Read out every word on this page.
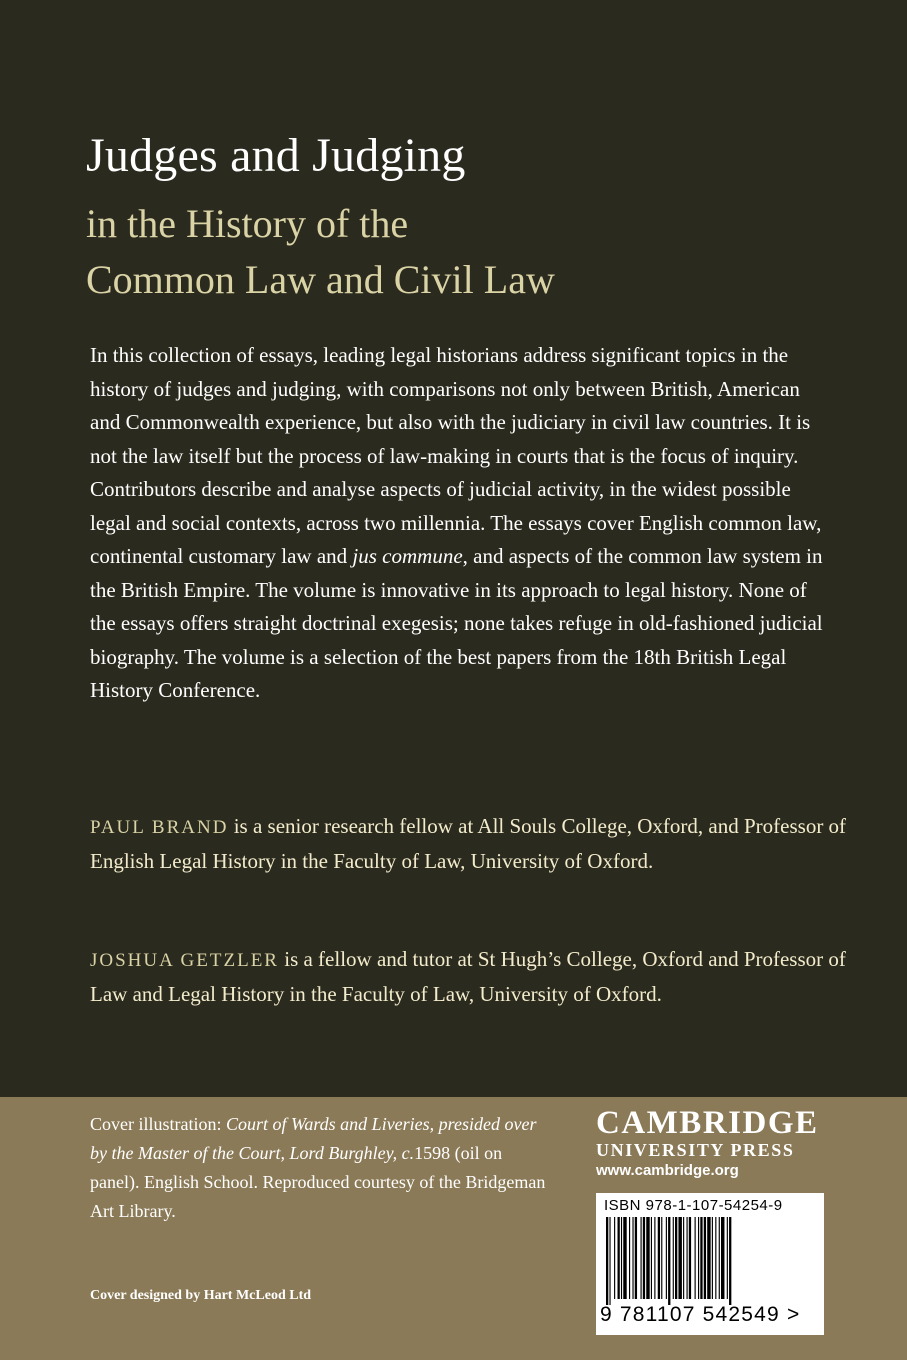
Judges and Judging
in the History of the
Common Law and Civil Law

In this collection of essays, leading legal historians address significant topics in the history of judges and judging, with comparisons not only between British, American and Commonwealth experience, but also with the judiciary in civil law countries. It is not the law itself but the process of law-making in courts that is the focus of inquiry. Contributors describe and analyse aspects of judicial activity, in the widest possible legal and social contexts, across two millennia. The essays cover English common law, continental customary law and jus commune, and aspects of the common law system in the British Empire. The volume is innovative in its approach to legal history. None of the essays offers straight doctrinal exegesis; none takes refuge in old-fashioned judicial biography. The volume is a selection of the best papers from the 18th British Legal History Conference.

PAUL BRAND is a senior research fellow at All Souls College, Oxford, and Professor of English Legal History in the Faculty of Law, University of Oxford.

JOSHUA GETZLER is a fellow and tutor at St Hugh’s College, Oxford and Professor of Law and Legal History in the Faculty of Law, University of Oxford.

Cover illustration: Court of Wards and Liveries, presided over by the Master of the Court, Lord Burghley, c.1598 (oil on panel). English School. Reproduced courtesy of the Bridgeman Art Library.

Cover designed by Hart McLeod Ltd

CAMBRIDGE
UNIVERSITY PRESS
www.cambridge.org
ISBN 978-1-107-54254-9
9 781107 542549 >
